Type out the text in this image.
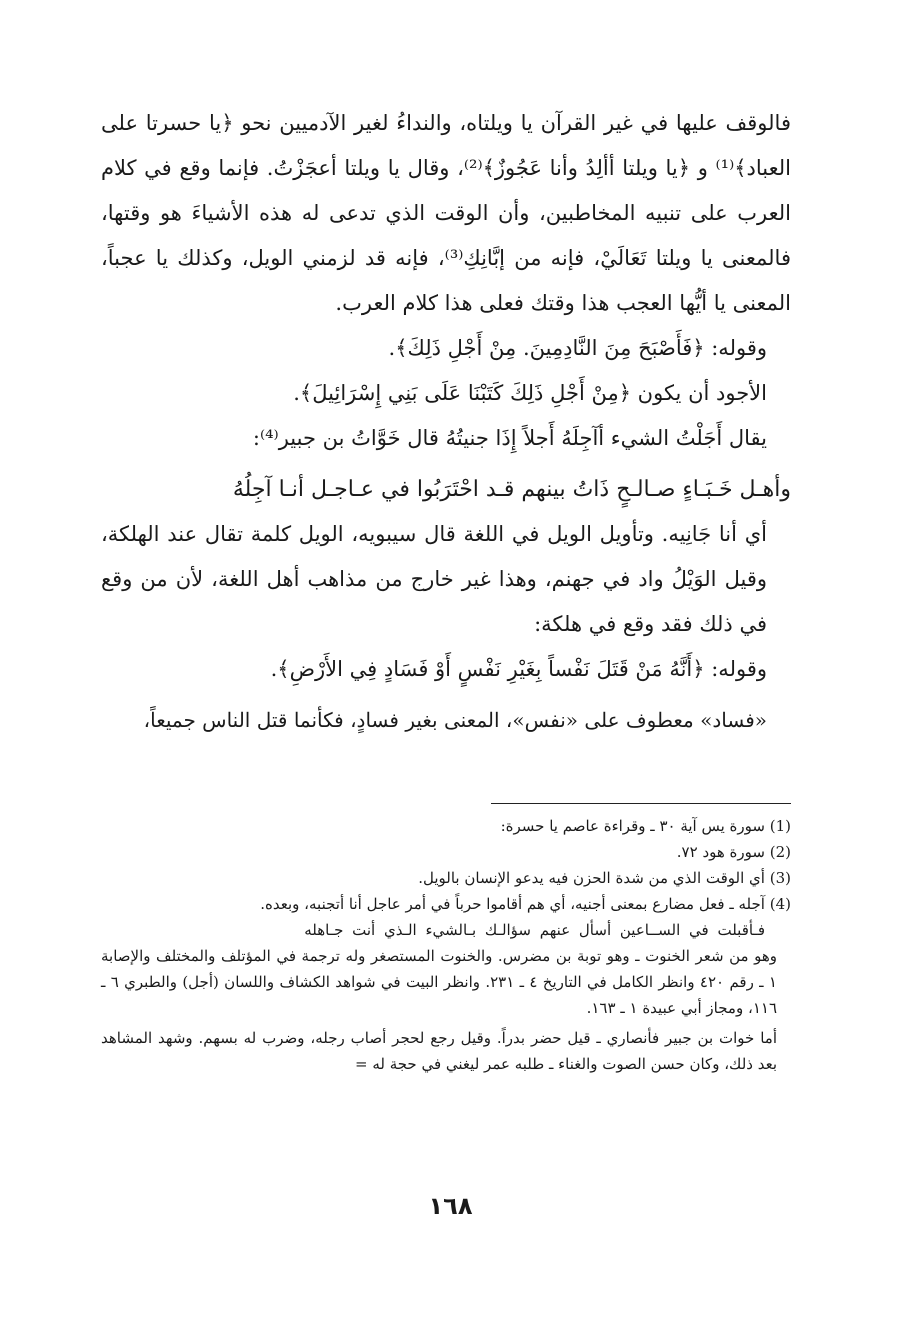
فالوقف عليها في غير القرآن يا ويلتاه، والنداءُ لغير الآدميين نحو ﴿يا حسرتا على العباد﴾⁽¹⁾ و ﴿يا ويلتا أألِدُ وأنا عَجُوزٌ﴾⁽²⁾، وقال يا ويلتا أعجَزْتُ. فإنما وقع في كلام العرب على تنبيه المخاطبين، وأن الوقت الذي تدعى له هذه الأشياءَ هو وقتها، فالمعنى يا ويلتا تَعَالَيْ، فإنه من إبَّانِكِ⁽³⁾، فإنه قد لزمني الويل، وكذلك يا عجباً، المعنى يا أيُّها العجب هذا وقتك فعلى هذا كلام العرب.

وقوله: ﴿فَأَصْبَحَ مِنَ النَّادِمِينَ. مِنْ أَجْلِ ذَلِكَ﴾.

الأجود أن يكون ﴿مِنْ أَجْلِ ذَلِكَ كَتَبْنَا عَلَى بَنِي إِسْرَائِيلَ﴾.

يقال أَجَلْتُ الشيء أآجِلَهُ أَجلاً إِذَا جنيتُهُ قال خَوَّاتُ بن جبير⁽⁴⁾:

وأهـل خَـبَـاءٍ صـالـحٍ ذَاتُ بينهم قـد احْتَرَبُوا في عـاجـل أنـا آجِلُهُ

أي أنا جَانِيه. وتأويل الويل في اللغة قال سيبويه، الويل كلمة تقال عند الهلكة، وقيل الوَيْلُ واد في جهنم، وهذا غير خارج من مذاهب أهل اللغة، لأن من وقع في ذلك فقد وقع في هلكة:

وقوله: ﴿أَنَّهُ مَنْ قَتَلَ نَفْساً بِغَيْرِ نَفْسٍ أَوْ فَسَادٍ فِي الأَرْضِ﴾.

«فساد» معطوف على «نفس»، المعنى بغير فسادٍ، فكأنما قتل الناس جميعاً،

(1) سورة يس آية ٣٠ ـ وقراءة عاصم يا حسرة:

(2) سورة هود ٧٢.

(3) أي الوقت الذي من شدة الحزن فيه يدعو الإنسان بالويل.

(4) آجله ـ فعل مضارع بمعنى أجنيه، أي هم أقاموا حرباً في أمر عاجل أنا أتجنبه، وبعده.

فـأقبلت في الســاعين أسأل عنهم سؤالـك بـالشيء الـذي أنت جـاهله

وهو من شعر الخنوت ـ وهو توبة بن مضرس. والخنوت المستصغر وله ترجمة في المؤتلف والمختلف والإصابة ١ ـ رقم ٤٢٠ وانظر الكامل في التاريخ ٤ ـ ٢٣١. وانظر البيت في شواهد الكشاف واللسان (أجل) والطبري ٦ ـ ١١٦، ومجاز أبي عبيدة ١ ـ ١٦٣.

أما خوات بن جبير فأنصاري ـ قيل حضر بدراً. وقيل رجع لحجر أصاب رجله، وضرب له بسهم. وشهد المشاهد بعد ذلك، وكان حسن الصوت والغناء ـ طلبه عمر ليغني في حجة له =

١٦٨
